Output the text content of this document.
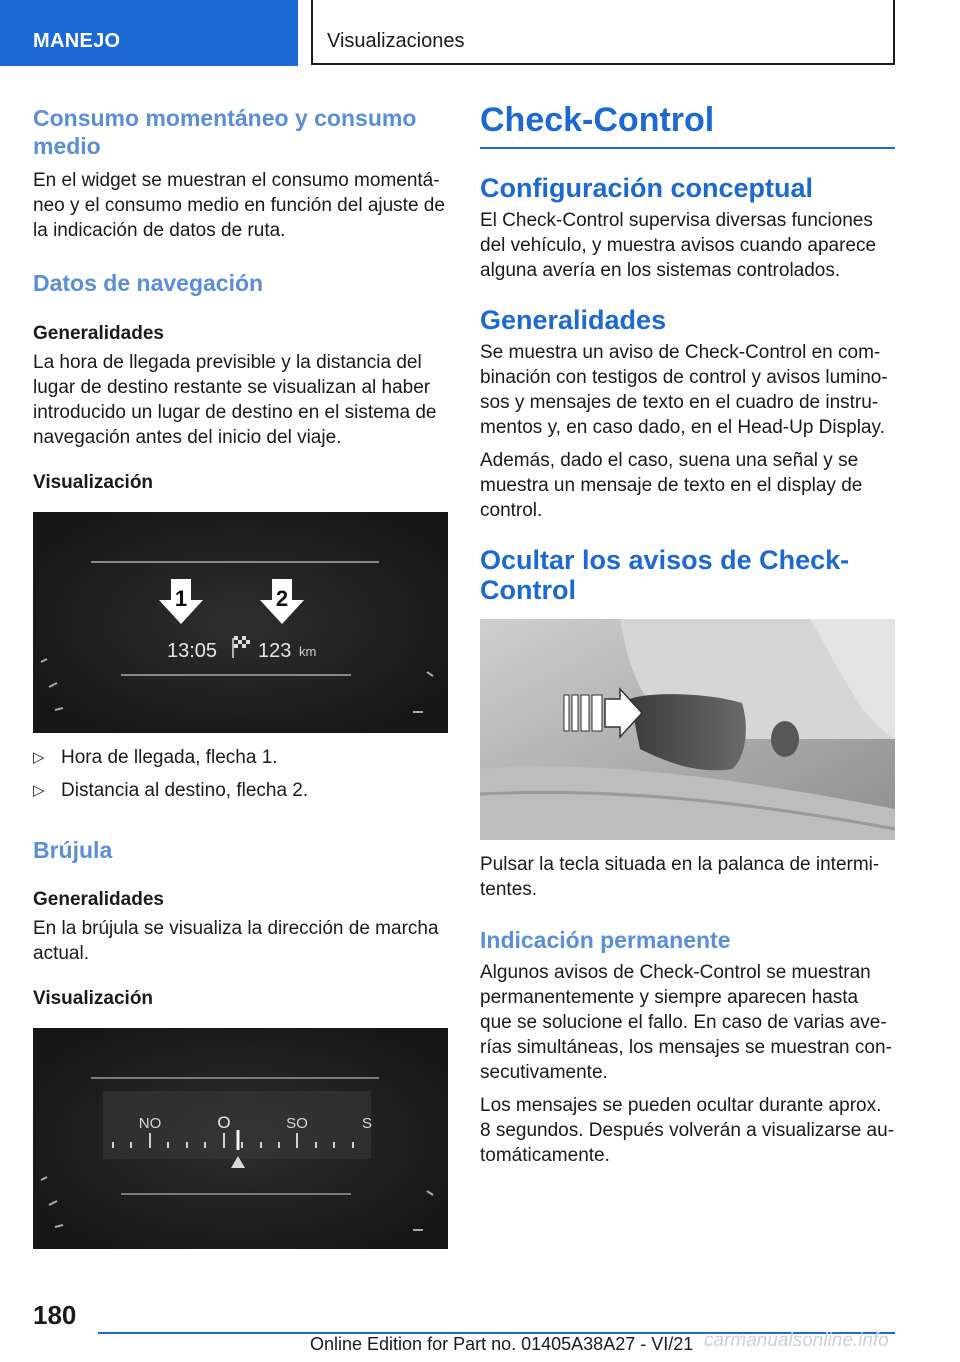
MANEJO	Visualizaciones
Consumo momentáneo y consumo medio

En el widget se muestran el consumo momentáneo y el consumo medio en función del ajuste de la indicación de datos de ruta.

Datos de navegación
Generalidades

La hora de llegada previsible y la distancia del lugar de destino restante se visualizan al haber introducido un lugar de destino en el sistema de navegación antes del inicio del viaje.

Visualización
1	2
13:05 123 km
▷ Hora de llegada, flecha 1.
▷ Distancia al destino, flecha 2.
Brújula
Generalidades

En la brújula se visualiza la dirección de marcha actual.

Visualización
NO	O	SO	S
Check-Control
Configuración conceptual

El Check-Control supervisa diversas funciones del vehículo, y muestra avisos cuando aparece alguna avería en los sistemas controlados.

Generalidades

Se muestra un aviso de Check-Control en combinación con testigos de control y avisos luminosos y mensajes de texto en el cuadro de instrumentos y, en caso dado, en el Head-Up Display.

Además, dado el caso, suena una señal y se muestra un mensaje de texto en el display de control.

Ocultar los avisos de Check-Control

Pulsar la tecla situada en la palanca de intermitentes.

Indicación permanente

Algunos avisos de Check-Control se muestran permanentemente y siempre aparecen hasta que se solucione el fallo. En caso de varias averías simultáneas, los mensajes se muestran consecutivamente.

Los mensajes se pueden ocultar durante aprox. 8 segundos. Después volverán a visualizarse automáticamente.

180
Online Edition for Part no. 01405A38A27 - VI/21 carmanualsonline.info
